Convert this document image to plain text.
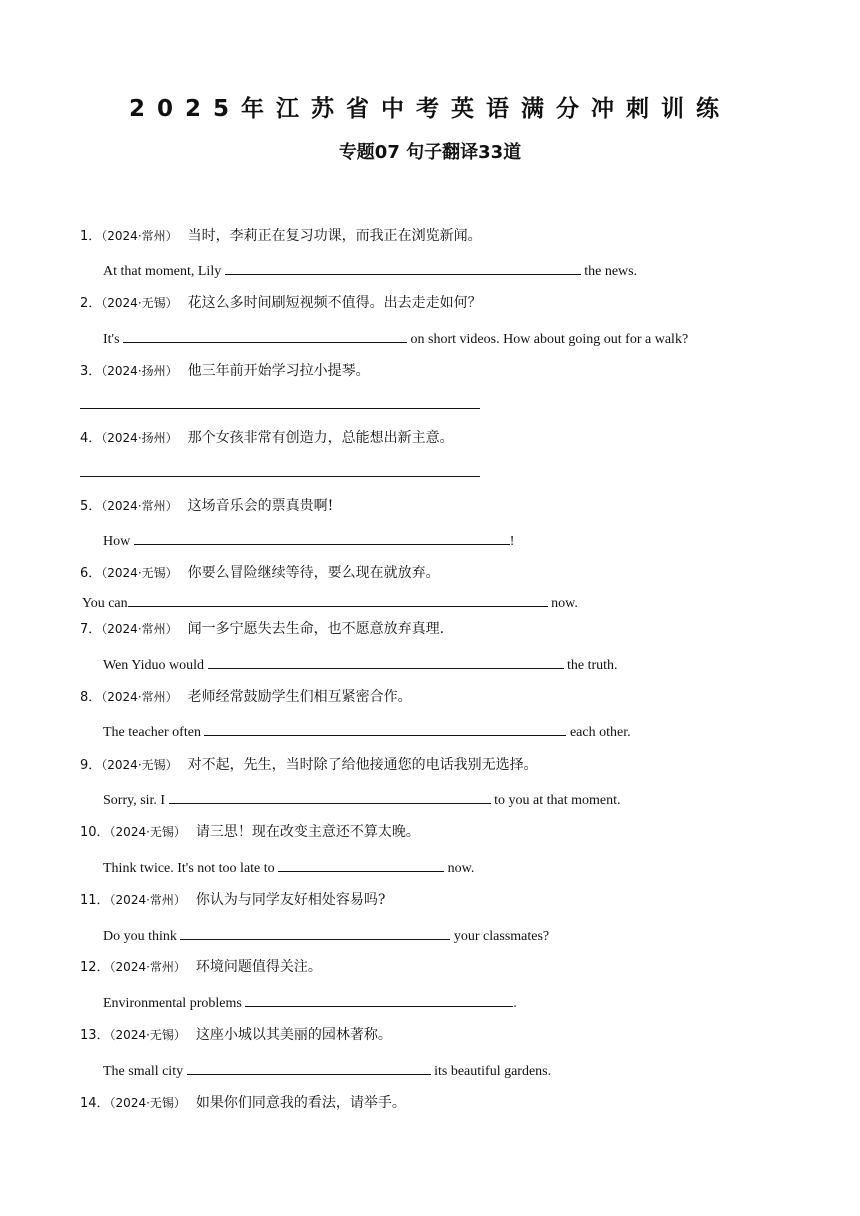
2025年江苏省中考英语满分冲刺训练
专题07 句子翻译33道
1．（2024·常州） 当时，李莉正在复习功课，而我正在浏览新闻。
At that moment, Lily	the news.
2．（2024·无锡） 花这么多时间刷短视频不值得。出去走走如何？
It's	on short videos. How about going out for a walk?
3．（2024·扬州） 他三年前开始学习拉小提琴。
4．（2024·扬州） 那个女孩非常有创造力，总能想出新主意。
5．（2024·常州） 这场音乐会的票真贵啊!
How	!
6．（2024·无锡） 你要么冒险继续等待，要么现在就放弃。
You can	now.
7．（2024·常州） 闻一多宁愿失去生命，也不愿意放弃真理.
Wen Yiduo would	the truth.
8．（2024·常州） 老师经常鼓励学生们相互紧密合作。
The teacher often	each other.
9．（2024·无锡） 对不起，先生，当时除了给他接通您的电话我别无选择。
Sorry, sir. I	to you at that moment.
10．（2024·无锡） 请三思！现在改变主意还不算太晚。
Think twice. It's not too late to	now.
11．（2024·常州） 你认为与同学友好相处容易吗?
Do you think	your classmates?
12．（2024·常州） 环境问题值得关注。
Environmental problems	.
13．（2024·无锡） 这座小城以其美丽的园林著称。
The small city	its beautiful gardens.
14．（2024·无锡） 如果你们同意我的看法，请举手。
